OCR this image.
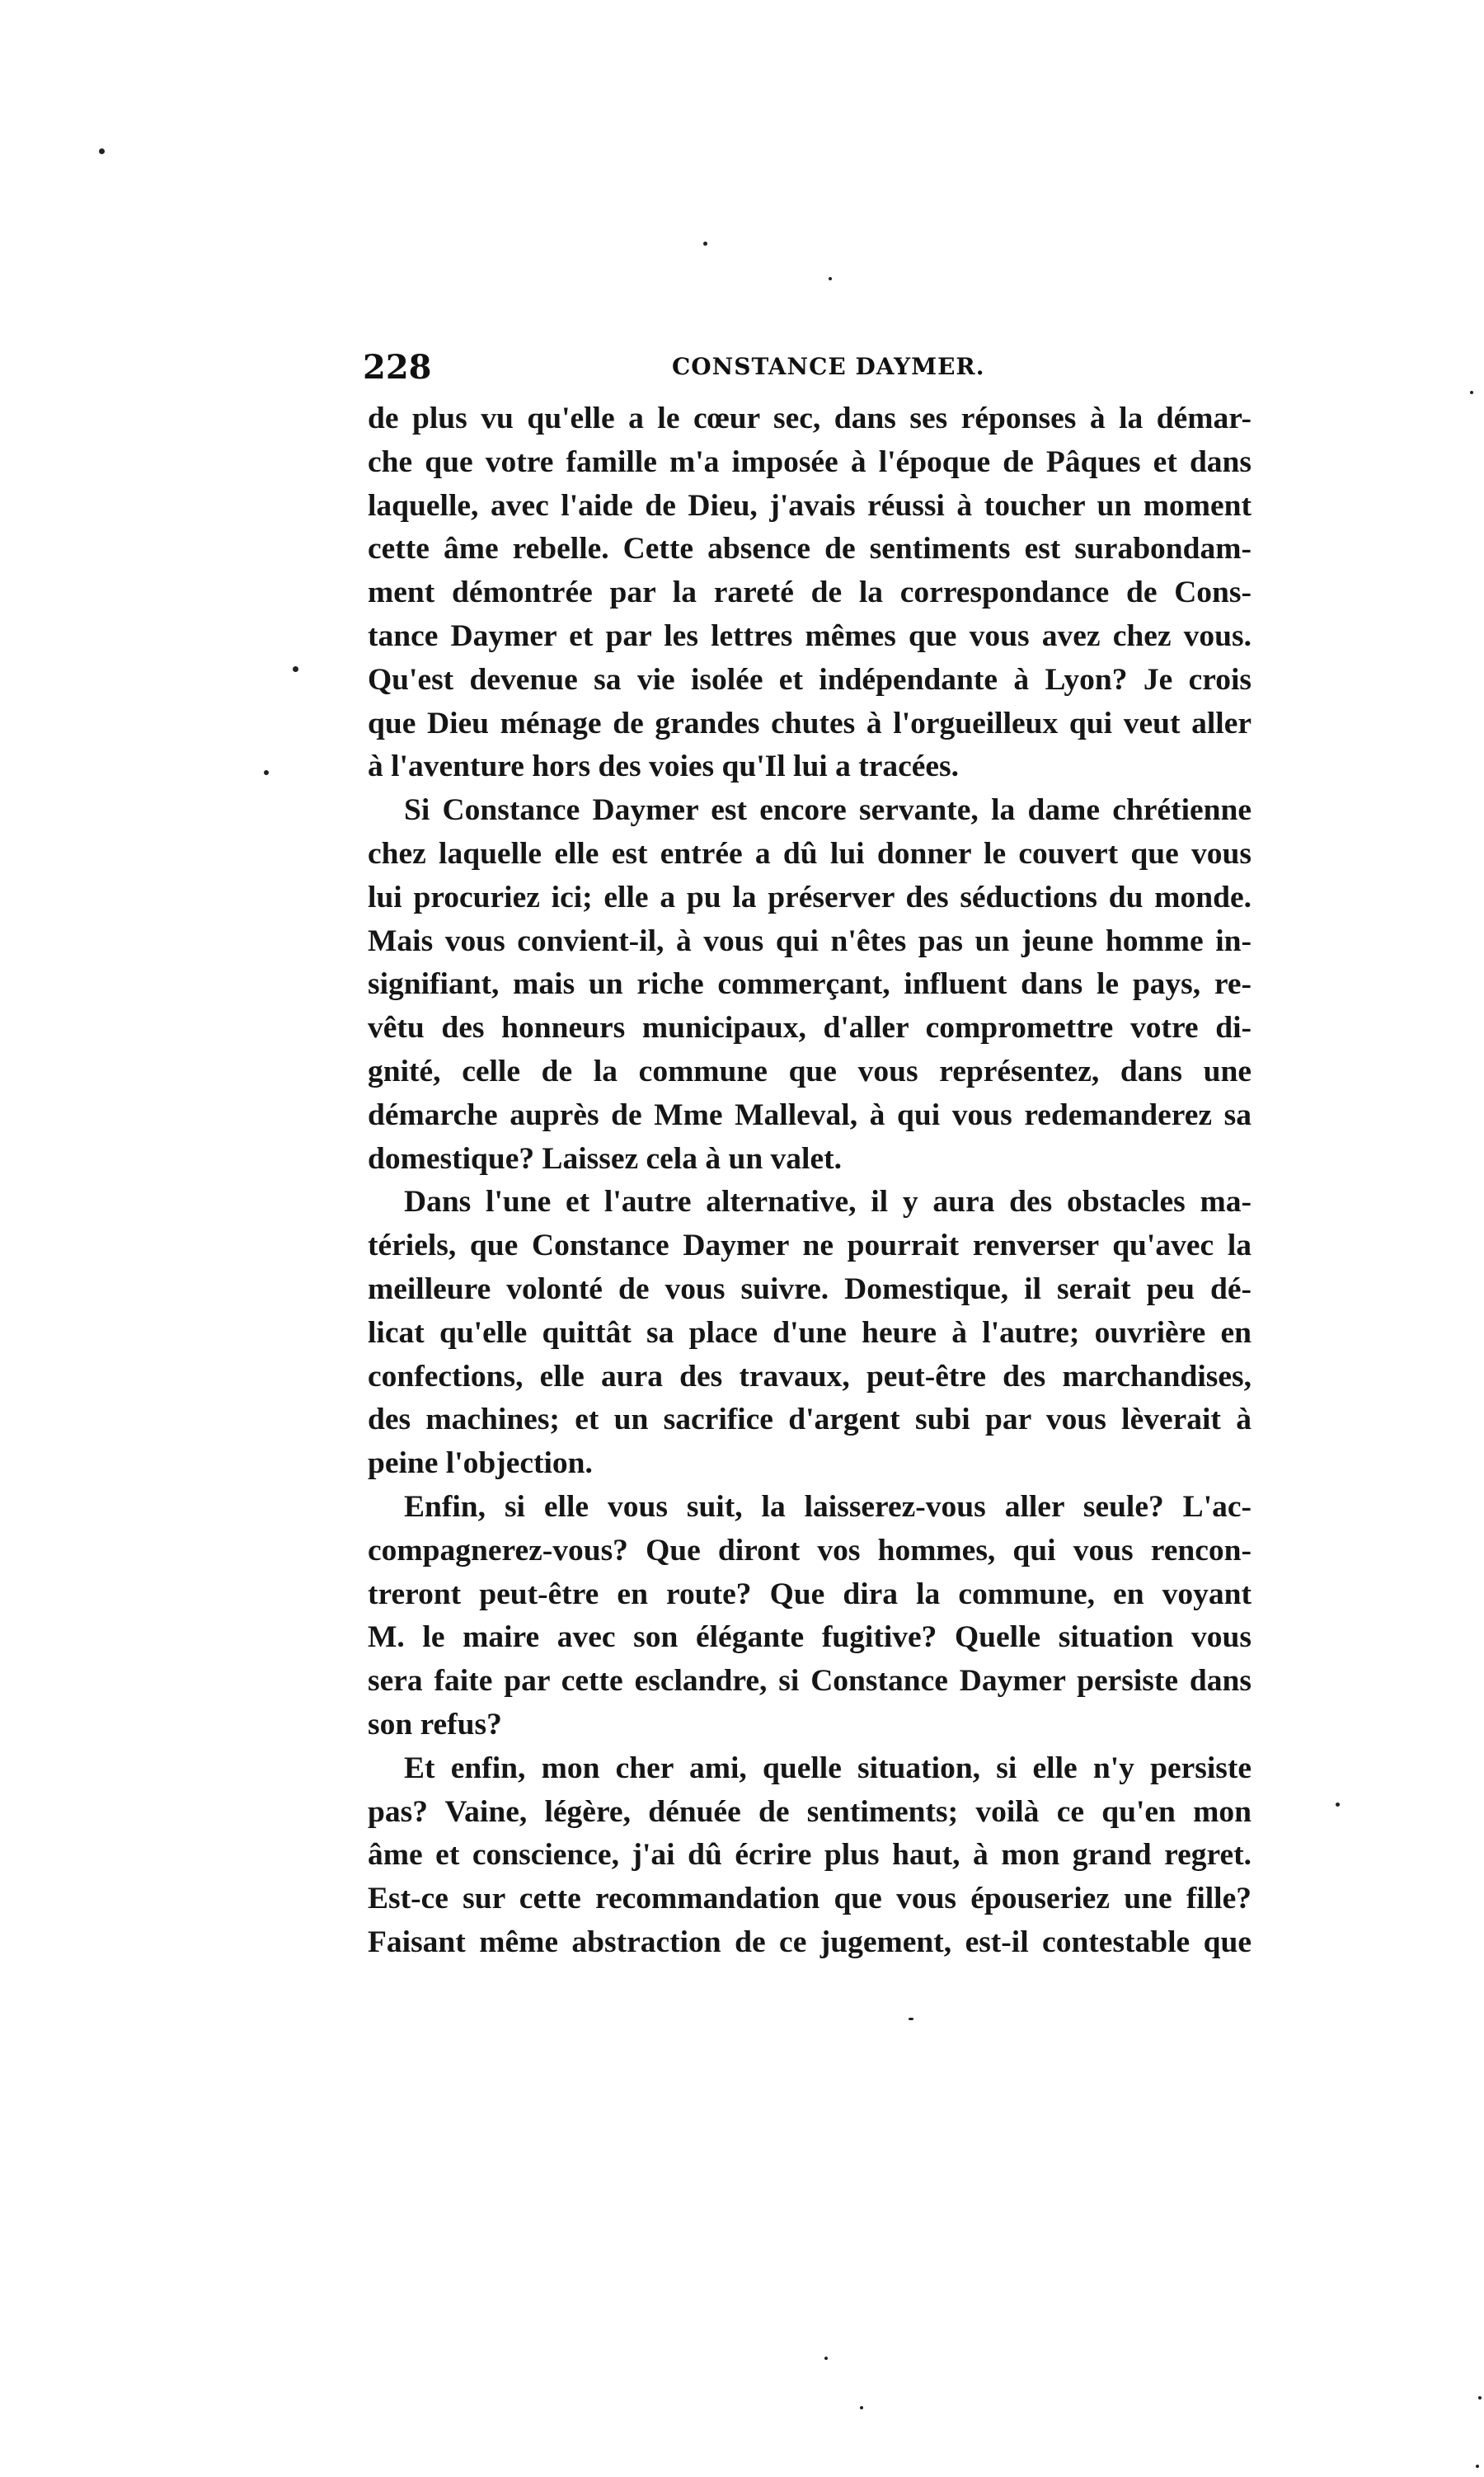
228	CONSTANCE DAYMER.
de plus vu qu'elle a le cœur sec, dans ses réponses à la démar-
che que votre famille m'a imposée à l'époque de Pâques et dans
laquelle, avec l'aide de Dieu, j'avais réussi à toucher un moment
cette âme rebelle. Cette absence de sentiments est surabondam-
ment démontrée par la rareté de la correspondance de Cons-
tance Daymer et par les lettres mêmes que vous avez chez vous.
Qu'est devenue sa vie isolée et indépendante à Lyon? Je crois
que Dieu ménage de grandes chutes à l'orgueilleux qui veut aller
à l'aventure hors des voies qu'Il lui a tracées.
Si Constance Daymer est encore servante, la dame chrétienne
chez laquelle elle est entrée a dû lui donner le couvert que vous
lui procuriez ici; elle a pu la préserver des séductions du monde.
Mais vous convient-il, à vous qui n'êtes pas un jeune homme in-
signifiant, mais un riche commerçant, influent dans le pays, re-
vêtu des honneurs municipaux, d'aller compromettre votre di-
gnité, celle de la commune que vous représentez, dans une
démarche auprès de Mme Malleval, à qui vous redemanderez sa
domestique? Laissez cela à un valet.
Dans l'une et l'autre alternative, il y aura des obstacles ma-
tériels, que Constance Daymer ne pourrait renverser qu'avec la
meilleure volonté de vous suivre. Domestique, il serait peu dé-
licat qu'elle quittât sa place d'une heure à l'autre; ouvrière en
confections, elle aura des travaux, peut-être des marchandises,
des machines; et un sacrifice d'argent subi par vous lèverait à
peine l'objection.
Enfin, si elle vous suit, la laisserez-vous aller seule? L'ac-
compagnerez-vous? Que diront vos hommes, qui vous rencon-
treront peut-être en route? Que dira la commune, en voyant
M. le maire avec son élégante fugitive? Quelle situation vous
sera faite par cette esclandre, si Constance Daymer persiste dans
son refus?
Et enfin, mon cher ami, quelle situation, si elle n'y persiste
pas? Vaine, légère, dénuée de sentiments; voilà ce qu'en mon
âme et conscience, j'ai dû écrire plus haut, à mon grand regret.
Est-ce sur cette recommandation que vous épouseriez une fille?
Faisant même abstraction de ce jugement, est-il contestable que
